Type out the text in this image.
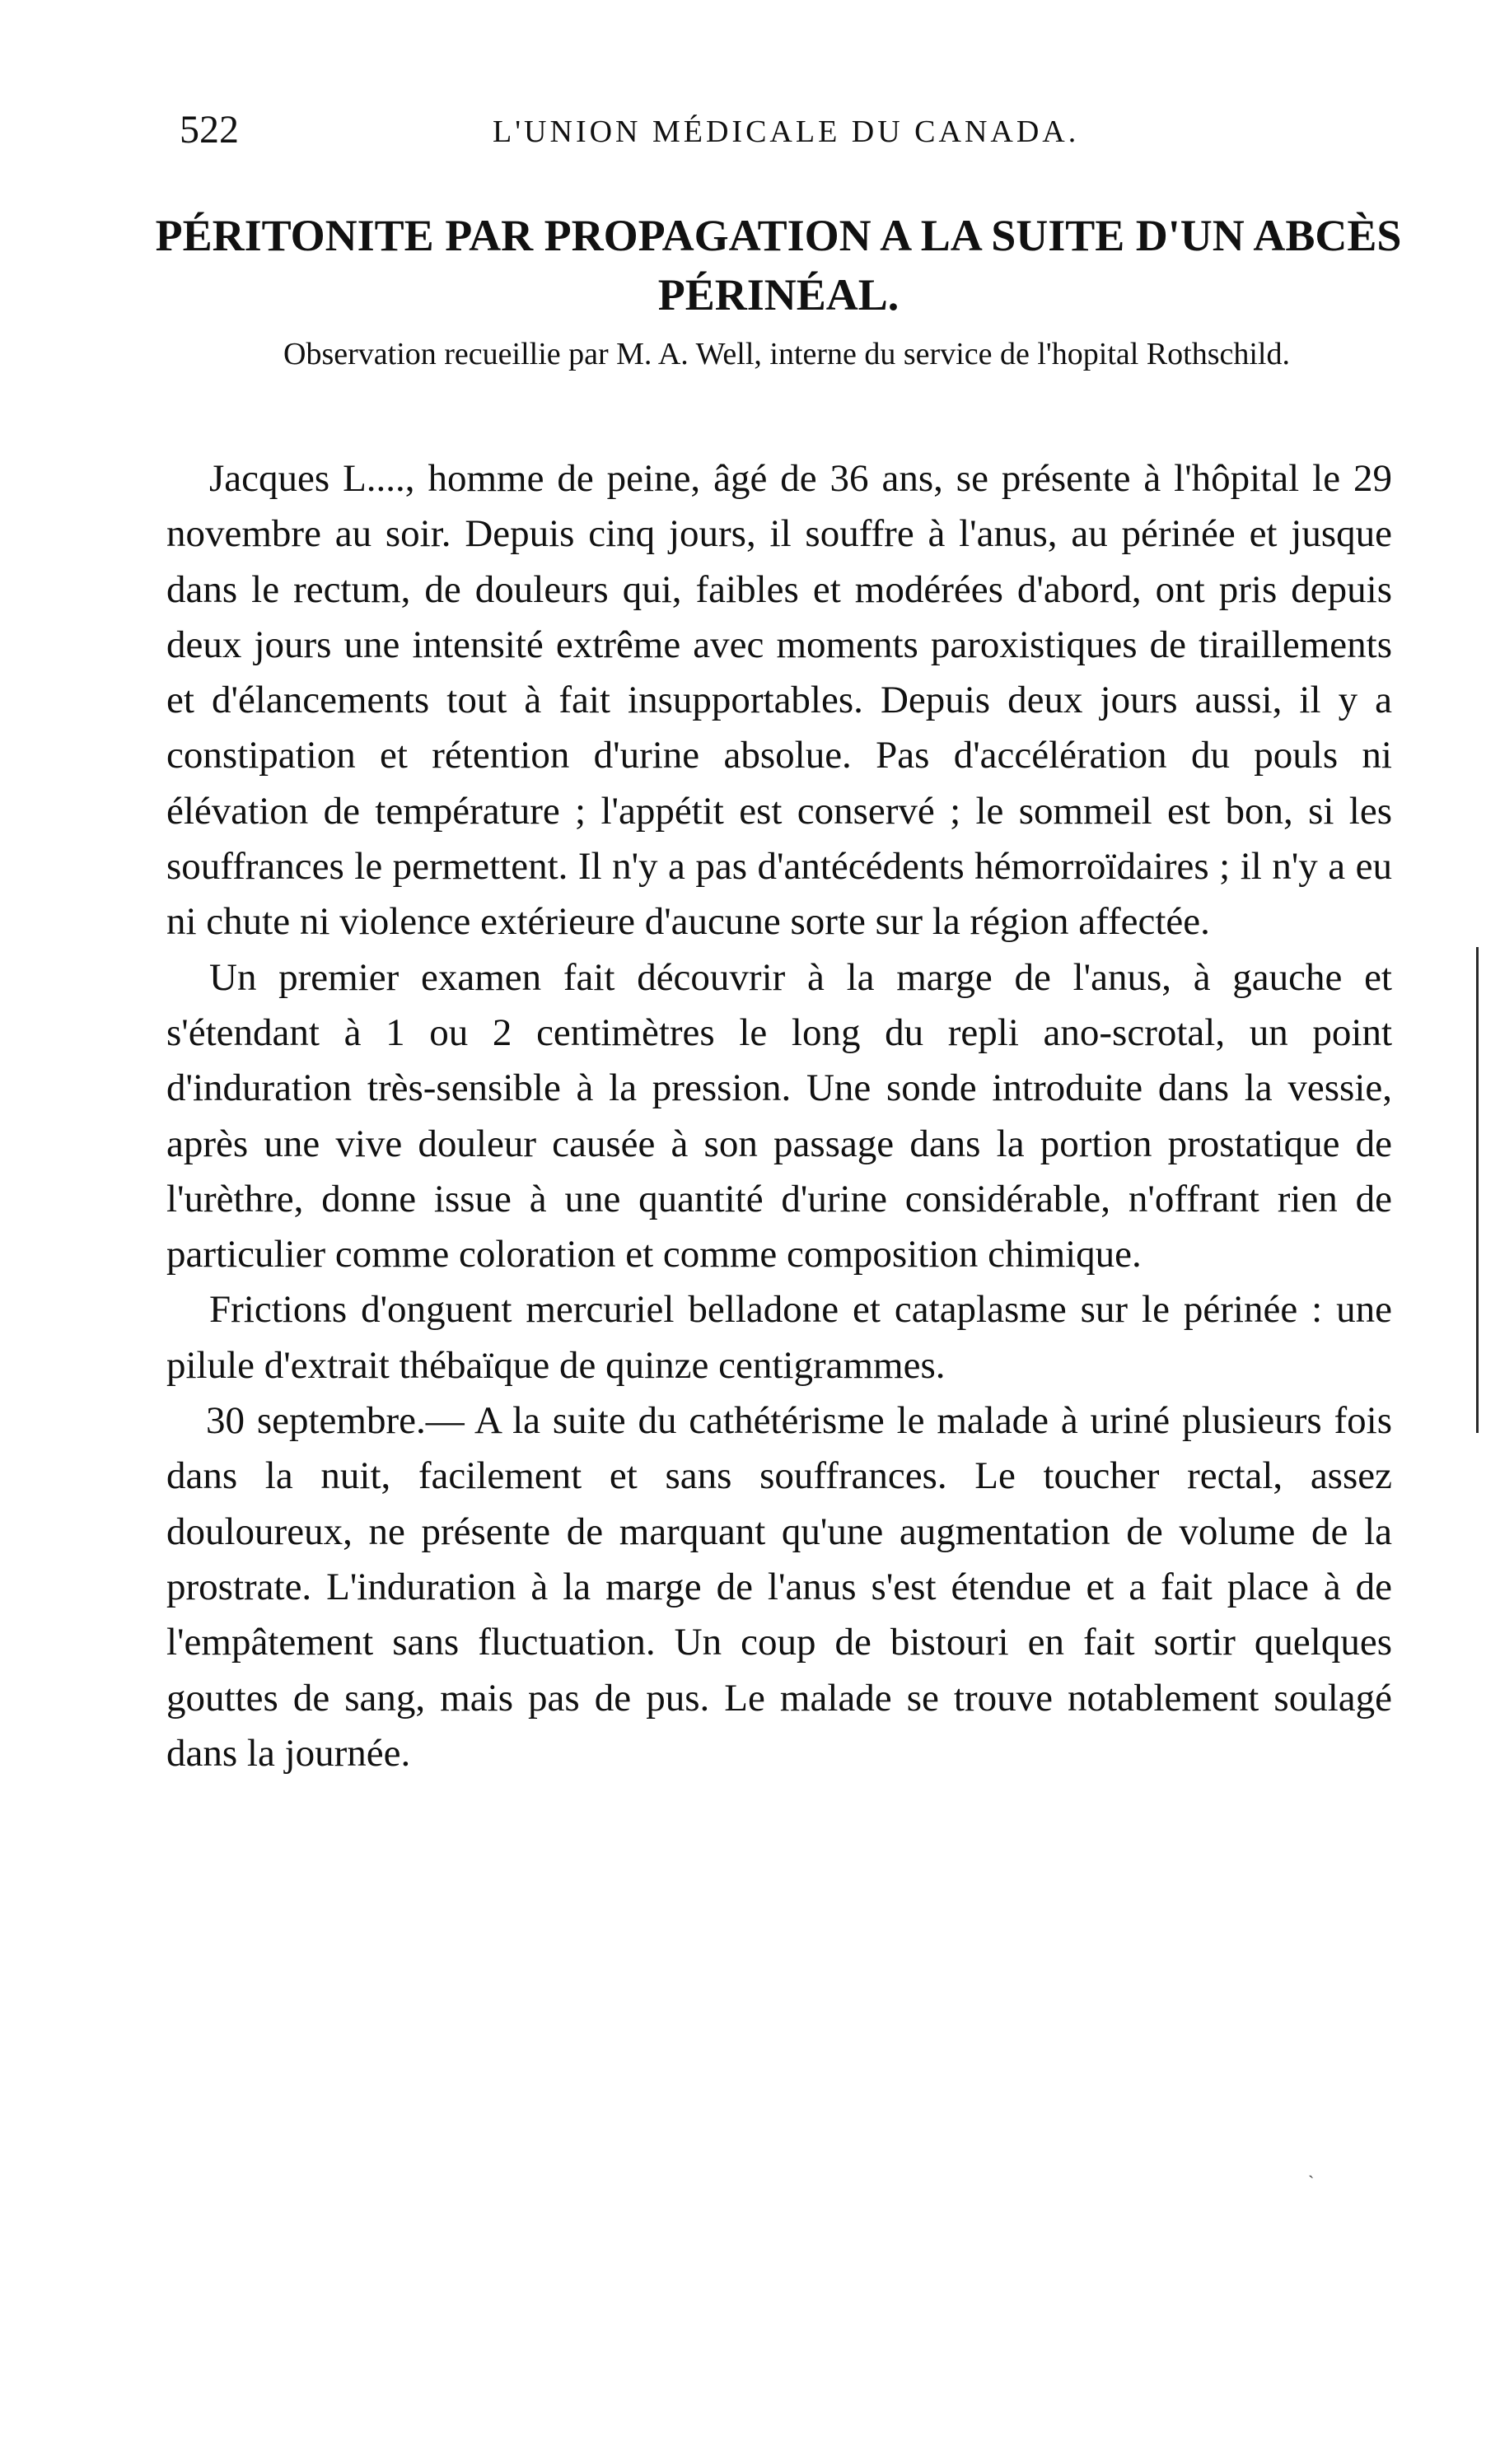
522	L'UNION MÉDICALE DU CANADA.
PÉRITONITE PAR PROPAGATION A LA SUITE D'UN ABCÈS PÉRINÉAL.
Observation recueillie par M. A. Well, interne du service de l'hopital Rothschild.

Jacques L...., homme de peine, âgé de 36 ans, se présente à l'hôpital le 29 novembre au soir. Depuis cinq jours, il souffre à l'anus, au périnée et jusque dans le rectum, de douleurs qui, faibles et modérées d'abord, ont pris depuis deux jours une intensité extrême avec moments paroxistiques de tiraillements et d'élancements tout à fait insupportables. Depuis deux jours aussi, il y a constipation et rétention d'urine absolue. Pas d'accélération du pouls ni élévation de température ; l'appétit est conservé ; le sommeil est bon, si les souffrances le permettent. Il n'y a pas d'antécédents hémorroïdaires ; il n'y a eu ni chute ni violence extérieure d'aucune sorte sur la région affectée.

Un premier examen fait découvrir à la marge de l'anus, à gauche et s'étendant à 1 ou 2 centimètres le long du repli ano-scrotal, un point d'induration très-sensible à la pression. Une sonde introduite dans la vessie, après une vive douleur causée à son passage dans la portion prostatique de l'urèthre, donne issue à une quantité d'urine considérable, n'offrant rien de particulier comme coloration et comme composition chimique.

Frictions d'onguent mercuriel belladone et cataplasme sur le périnée : une pilule d'extrait thébaïque de quinze centigrammes.

30 septembre.— A la suite du cathétérisme le malade à uriné plusieurs fois dans la nuit, facilement et sans souffrances. Le toucher rectal, assez douloureux, ne présente de marquant qu'une augmentation de volume de la prostrate. L'induration à la marge de l'anus s'est étendue et a fait place à de l'empâtement sans fluctuation. Un coup de bistouri en fait sortir quelques gouttes de sang, mais pas de pus. Le malade se trouve notablement soulagé dans la journée.

ˎ
